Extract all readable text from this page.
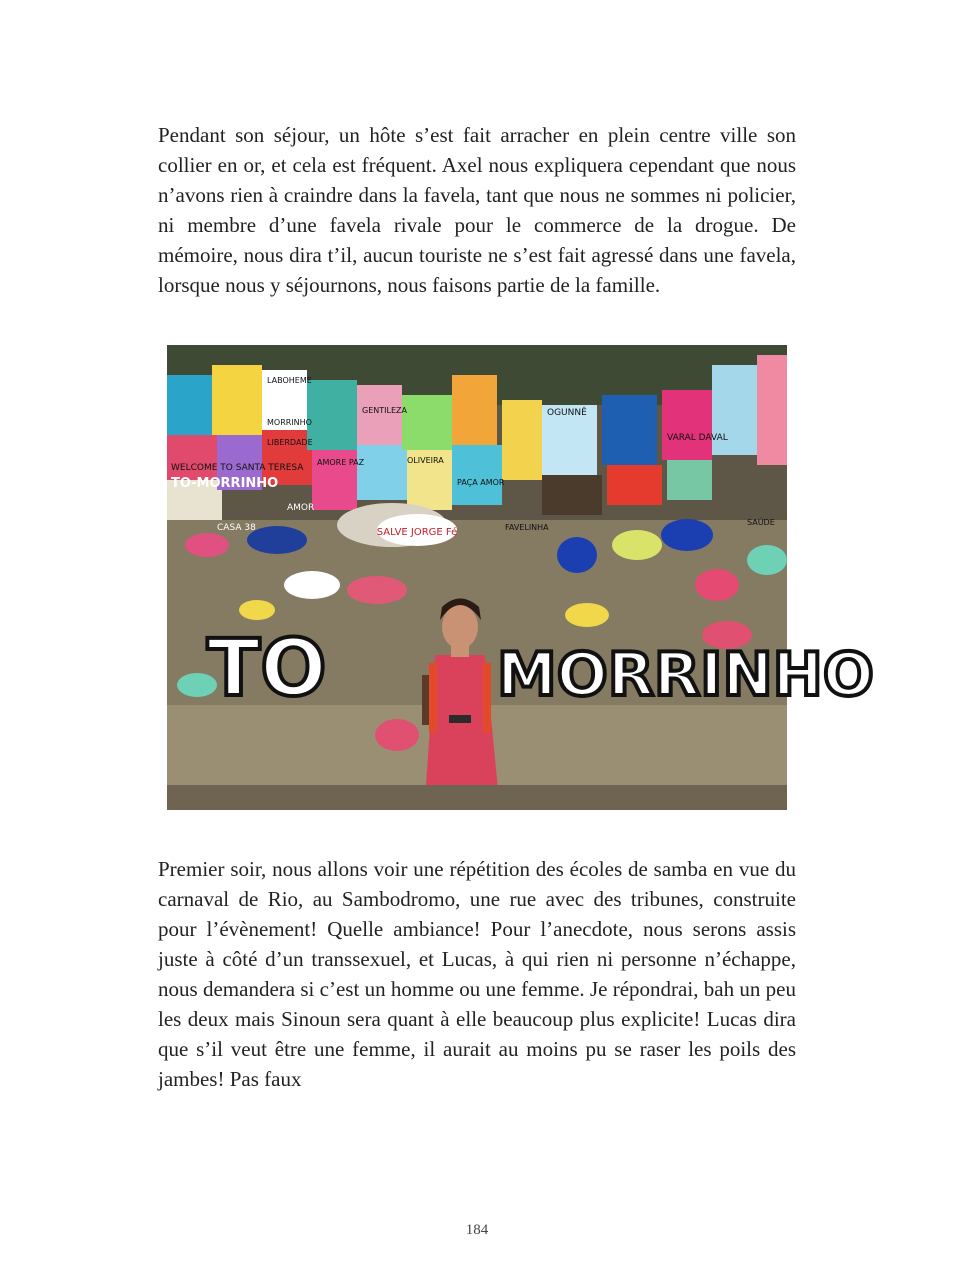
Pendant son séjour, un hôte s’est fait arracher en plein centre ville son collier en or, et cela est fréquent. Axel nous expliquera cependant que nous n’avons rien à craindre dans la favela, tant que nous ne sommes ni policier, ni membre d’une favela rivale pour le commerce de la drogue. De mémoire, nous dira t’il, aucun touriste ne s’est fait agressé dans une favela, lorsque nous y séjournons, nous faisons partie de la famille.

SALVE JORGE Fé
TO	MORRINHO
WELCOME TO SANTA TERESA
TO-MORRINHO
CASA 38
AMOR
LIBERDADE
LABOHEME
MORRINHO
GENTILEZA
AMORE PAZ	OLIVEIRA
PAÇA AMOR
FAVELINHA
OGUNNÊ
VARAL DAVAL
SAÚDE

Premier soir, nous allons voir une répétition des écoles de samba en vue du carnaval de Rio, au Sambodromo, une rue avec des tribunes, construite pour l’évènement! Quelle ambiance! Pour l’anecdote, nous serons assis juste à côté d’un transsexuel, et Lucas, à qui rien ni personne n’échappe, nous demandera si c’est un homme ou une femme. Je répondrai, bah un peu les deux mais Sinoun sera quant à elle beaucoup plus explicite! Lucas dira que s’il veut être une femme, il aurait au moins pu se raser les poils des jambes! Pas faux

184
